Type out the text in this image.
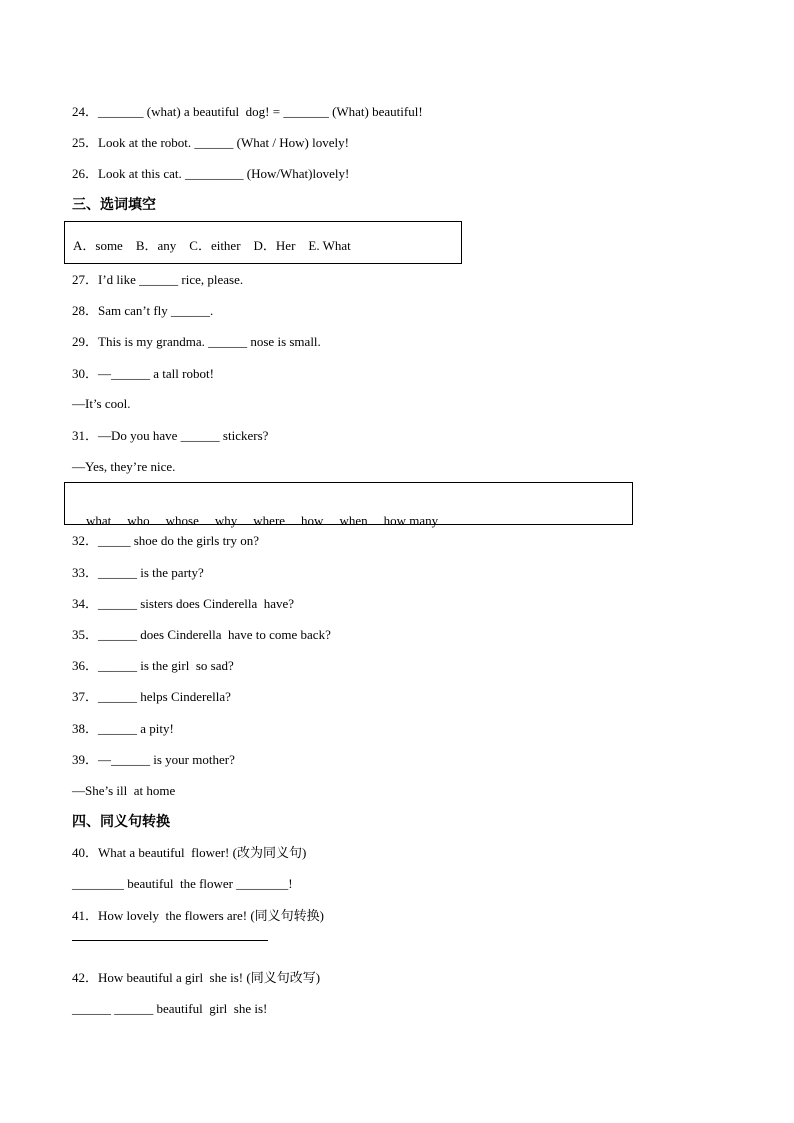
24．_______ (what) a beautiful  dog! = _______ (What) beautiful!
25．Look at the robot. ______ (What / How) lovely!
26．Look at this cat. _________ (How/What)lovely!
三、选词填空
A．some    B．any    C．either    D．Her    E. What
27．I’d like ______ rice, please.
28．Sam can’t fly ______.
29．This is my grandma. ______ nose is small.
30．—______ a tall robot!
—It’s cool.
31．—Do you have ______ stickers?
—Yes, they’re nice.

what who whose why where how when how many

32．_____ shoe do the girls try on?
33．______ is the party?
34．______ sisters does Cinderella  have?
35．______ does Cinderella  have to come back?
36．______ is the girl  so sad?
37．______ helps Cinderella?
38．______ a pity!
39．—______ is your mother?
—She’s ill  at home
四、同义句转换
40．What a beautiful  flower! (改为同义句)
________ beautiful  the flower ________!
41．How lovely  the flowers are! (同义句转换)
42．How beautiful a girl  she is! (同义句改写)
______ ______ beautiful  girl  she is!
